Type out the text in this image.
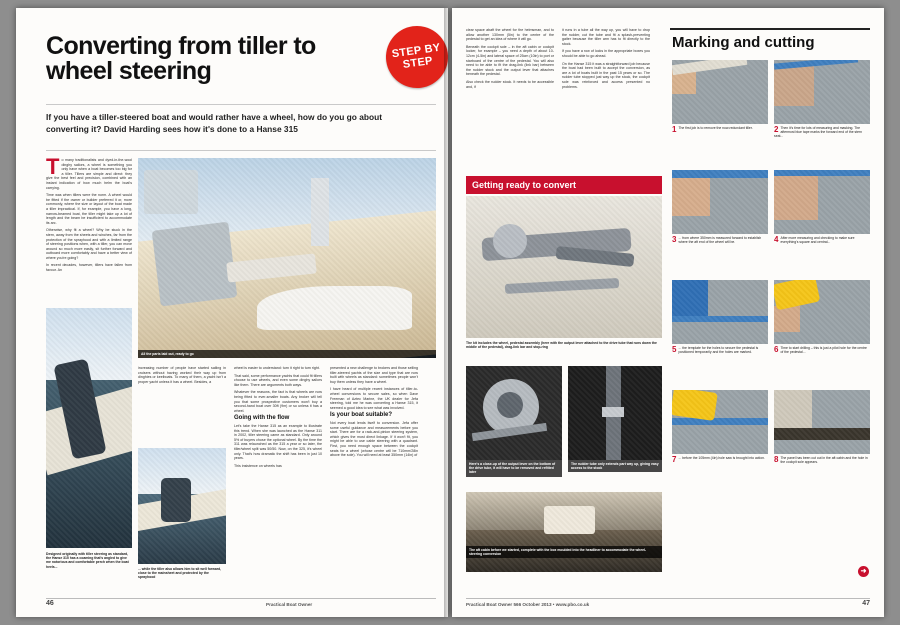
Converting from tiller to wheel steering
STEP BY STEP
If you have a tiller-steered boat and would rather have a wheel, how do you go about converting it? David Harding sees how it's done to a Hanse 315
All the parts laid out, ready to go

To many traditionalists and dyed-in-the-wool dinghy sailors, a wheel is something you only have when a boat becomes too big for a tiller. Tillers are simple and direct: they give the best feel and precision, combined with an instant indication of how much helm the boat's carrying.

Time was when tillers were the norm. A wheel would be fitted if the owner or builder preferred it or, more commonly, where the size or layout of the boat made a tiller impractical. If, for example, you have a long, narrow-beamed boat, the tiller might take up a lot of length and the beam be insufficient to accommodate its arc.

Otherwise, why fit a wheel? Why be stuck in the stern, away from the sheets and winches, far from the protection of the sprayhood and with a limited range of steering positions when, with a tiller, you can move around so much more easily, sit further forward and outboard more comfortably and have a better view of where you're going?

In recent decades, however, tillers have fallen from favour. An

increasing number of people have started sailing in cruisers without having worked their way up from dinghies or keelboats. To many of them, a yacht isn't a proper yacht unless it has a wheel. Besides, a

wheel is easier to understand: turn it right to turn right.

That said, some performance yachts that could fit tillers choose to use wheels, and even some dinghy sailors like them. There are arguments both ways.

Whatever the reasons, the fact is that wheels are now being fitted to ever-smaller boats. Any broker will tell you that some prospective customers won't buy a second-hand boat over 30ft (9m) or so unless it has a wheel.

Going with the flow

Let's take the Hanse 315 as an example to illustrate this trend. When she was launched as the Hanse 311 in 2002, tiller steering came as standard. Only around 5% of buyers chose the optional wheel. By the time the 311 was relaunched as the 315 a year or so later, the tiller/wheel split was 50/50. Now, on the 325, it's wheel only. That's how dramatic the shift has been in just 10 years.

This insistence on wheels has

presented a new challenge to brokers and those selling tiller-steered yachts of the size and type that are now built with wheels as standard: sometimes people won't buy them unless they have a wheel.

I have heard of multiple recent instances of tiller-to-wheel conversions to secure sales, so when Dave Freeman of Aztec Marine, the UK dealer for Jefa steering, told me he was converting a Hanse 315, it seemed a good idea to see what was involved.

Is your boat suitable?

Not every boat lends itself to conversion. Jefa offer some useful guidance and measurements before you start. There are for a rack-and-pinion steering system, which gives the most direct linkage. If it won't fit, you might be able to use cable steering with a quadrant. First, you need enough space between the cockpit seats for a wheel (whose centre will be 710mm/28in above the sole). You will need at least 350mm (14in) of

Designed originally with tiller steering as standard, the Hanse 315 has a coaming that's angled to give me notorious and comfortable perch when the boat heels...
... while the tiller also allows him to sit well forward, close to the mainsheet and protected by the sprayhood
46	Practical Boat Owner

clear space abaft the wheel for the helmsman, and to allow another 130mm (5in) to the centre of the pedestal to get an idea of where it will go.

Beneath the cockpit sole – in the aft cabin or cockpit locker, for example – you need a depth of about 10-12cm (4-5in) and lateral space of 25cm (10in) to port or starboard of the centre of the pedestal. You will also need to be able to fit the drag-link (link bar) between the rudder stock and the output lever that attaches beneath the pedestal.

Also check the rudder stock. It needs to be accessible and, if

it runs in a tube all the way up, you will have to drop the rudder, cut the tube and fit a splash-preventing gaiter because the tiller arm has to fit directly to the stock.

If you have a row of locks in the appropriate boxes you should be able to go ahead.

On the Hanse 315 it was a straightforward job because the boat had been built to accept the conversion, as are a lot of boats built in the past 15 years or so. The rudder tube stopped just way up the stock, the cockpit sole was reinforced and access presented no problems.

Getting ready to convert
The kit includes the wheel, pedestal assembly (here with the output lever attached to the drive tube that runs down the middle of the pedestal), drag-link bar and stop-ring
Here's a close-up of the output lever on the bottom of the drive tube, it will have to be removed and refitted later
The rudder tube only extends part way up, giving easy access to the stock
The aft cabin before we started, complete with the box moulded into the headliner to accommodate the wheel-steering conversion
Marking and cutting
1 The first job is to remove the now-redundant tiller.	2 Then it's time for lots of measuring and masking. The aftermost blue tape marks the forward end of the stern seat...
3 ... from where 350mm is measured forward to establish where the aft end of the wheel will be.	4 After more measuring and checking to make sure everything's square and central...
5 ... the template for the holes to secure the pedestal is positioned temporarily and the holes are marked.	6 Time to start drilling – this is just a pilot hole for the centre of the pedestal...
7 ... before the 105mm (4in) hole saw is brought into action.	8 The panel has been cut out in the aft cabin and the hole in the cockpit sole appears.
➜
Practical Boat Owner 566 October 2013 • www.pbo.co.uk	47
